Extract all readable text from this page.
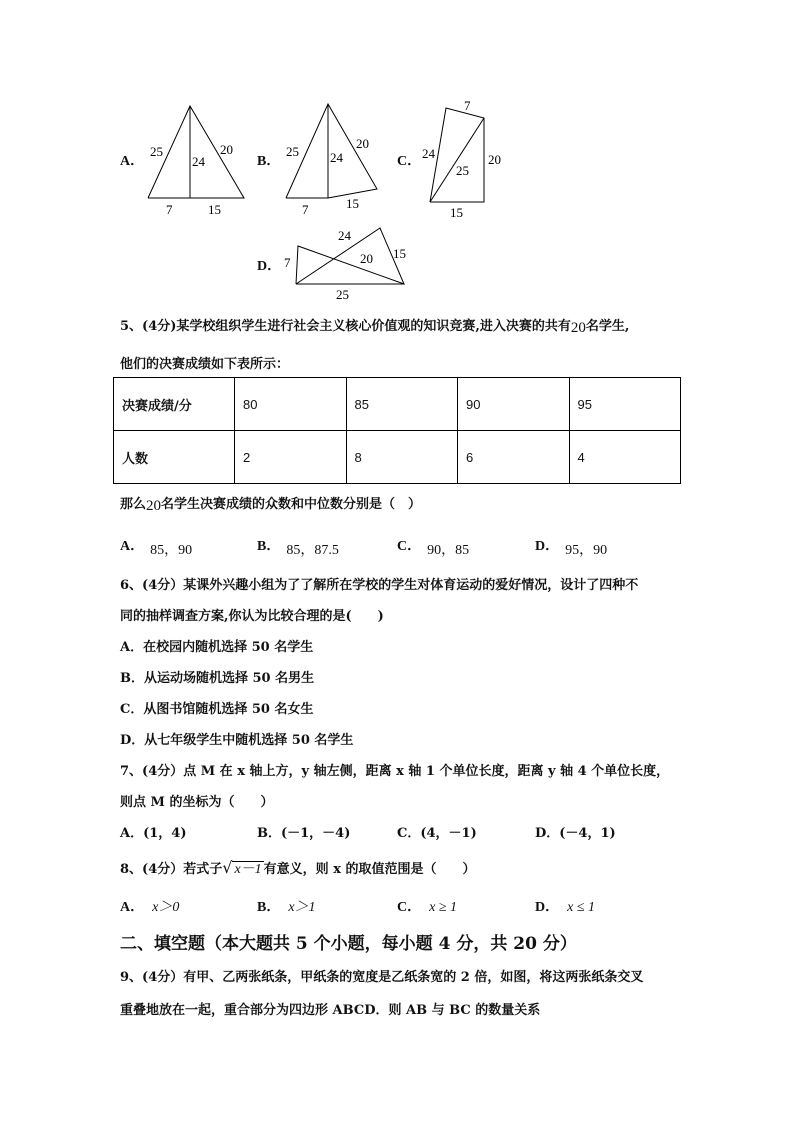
A．
25
24
20
7	15
B．
25 24
20
7	15
C．
7
24
25
20
15
D． 7
24
20 15
25
5、(4分)某学校组织学生进行社会主义核心价值观的知识竞赛,进入决赛的共有20名学生,
他们的决赛成绩如下表所示：
决赛成绩/分	80	85	90	95
人数	2	8	6	4
那么20名学生决赛成绩的众数和中位数分别是（　）
A． 85，90	B． 85，87.5	C． 90，85	D． 95，90
6、(4分）某课外兴趣小组为了了解所在学校的学生对体育运动的爱好情况，设计了四种不
同的抽样调查方案,你认为比较合理的是(　　)
A．在校园内随机选择 50 名学生
B．从运动场随机选择 50 名男生
C．从图书馆随机选择 50 名女生
D．从七年级学生中随机选择 50 名学生
7、(4分）点 M 在 x 轴上方，y 轴左侧，距离 x 轴 1 个单位长度，距离 y 轴 4 个单位长度，
则点 M 的坐标为（　　）
A．(1，4)	B．(－1，－4)	C．(4，－1)	D．(－4，1)
8、(4分）若式子√ x－1 有意义，则 x 的取值范围是（　　）
A． x＞0	B． x＞1	C． x ≥ 1	D． x ≤ 1
二、填空题（本大题共 5 个小题，每小题 4 分，共 20 分）
9、(4分）有甲、乙两张纸条，甲纸条的宽度是乙纸条宽的 2 倍，如图，将这两张纸条交叉
重叠地放在一起，重合部分为四边形 ABCD．则 AB 与 BC 的数量关系
